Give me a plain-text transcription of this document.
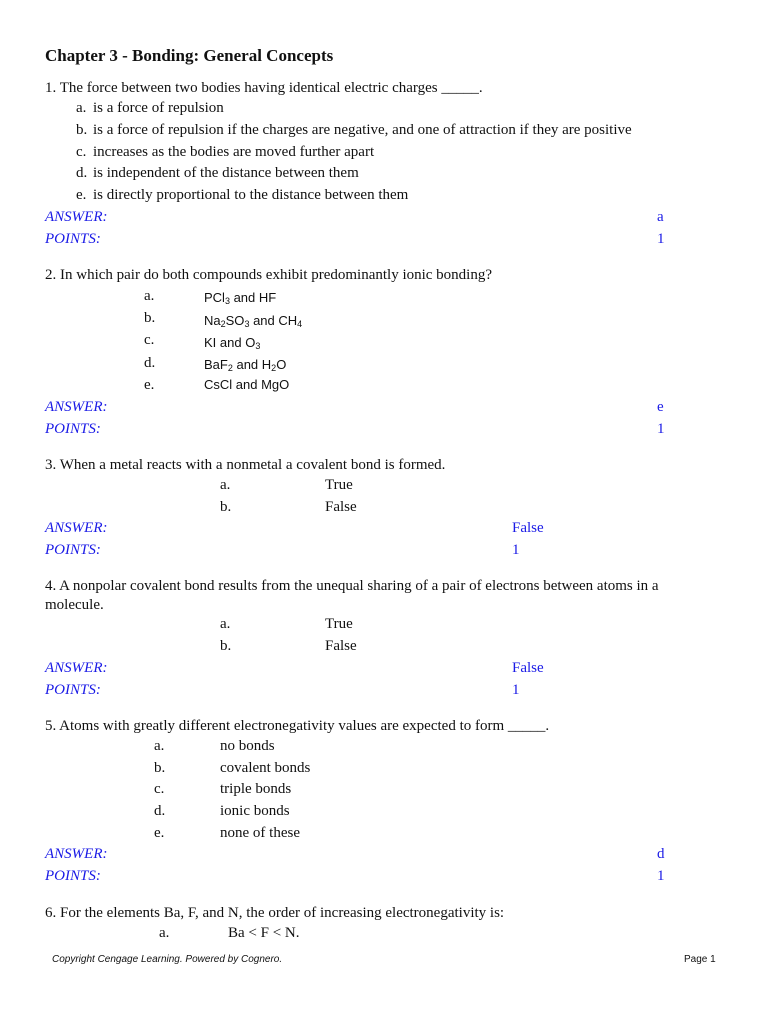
Chapter 3 - Bonding: General Concepts
1. The force between two bodies having identical electric charges _____.
a. is a force of repulsion
b. is a force of repulsion if the charges are negative, and one of attraction if they are positive
c. increases as the bodies are moved further apart
d. is independent of the distance between them
e. is directly proportional to the distance between them
ANSWER:	a
POINTS:	1
2. In which pair do both compounds exhibit predominantly ionic bonding?
a.	PCl$_3$ and HF
b.	$Na_2SO_3$ and $CH_4$
c.	KI and $O_3$
d.	BaF$_2$ and $H_2O$
e.	CsCl and MgO
ANSWER:	e
POINTS:	1
3. When a metal reacts with a nonmetal a covalent bond is formed.
a.	True
b.	False
ANSWER:	False
POINTS:	1
4. A nonpolar covalent bond results from the unequal sharing of a pair of electrons between atoms in a molecule.
a.	True
b.	False
ANSWER:	False
POINTS:	1
5. Atoms with greatly different electronegativity values are expected to form _____.
a.	no bonds
b.	covalent bonds
c.	triple bonds
d.	ionic bonds
e.	none of these
ANSWER:	d
POINTS:	1
6. For the elements Ba, F, and N, the order of increasing electronegativity is:
a.	Ba < F < N.
Copyright Cengage Learning. Powered by Cognero.	Page 1
